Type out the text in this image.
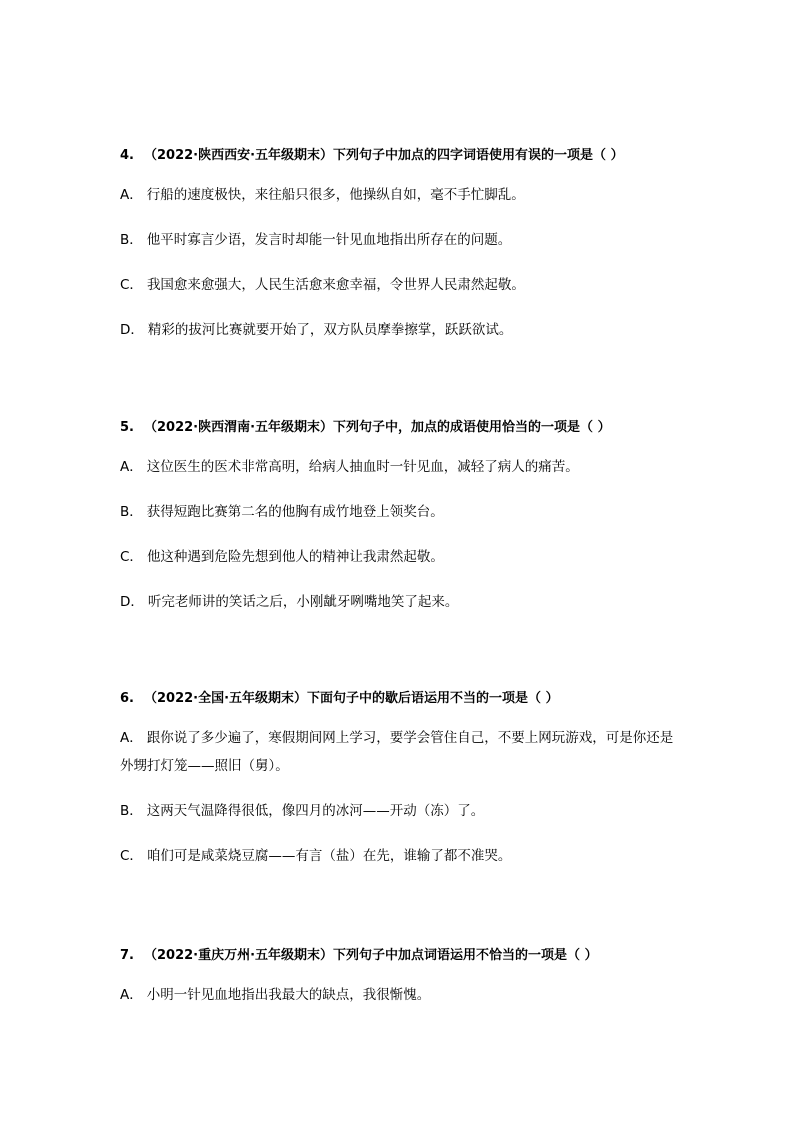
4. （2022·陕西西安·五年级期末）下列句子中加点的四字词语使用有误的一项是（ ）

A． 行船的速度极快，来往船只很多，他操纵自如，毫不手忙脚乱。
B． 他平时寡言少语，发言时却能一针见血地指出所存在的问题。
C． 我国愈来愈强大，人民生活愈来愈幸福，令世界人民肃然起敬。
D． 精彩的拔河比赛就要开始了，双方队员摩拳擦掌，跃跃欲试。

5. （2022·陕西渭南·五年级期末）下列句子中，加点的成语使用恰当的一项是（ ）

A． 这位医生的医术非常高明，给病人抽血时一针见血，减轻了病人的痛苦。
B． 获得短跑比赛第二名的他胸有成竹地登上领奖台。
C． 他这种遇到危险先想到他人的精神让我肃然起敬。
D． 听完老师讲的笑话之后，小刚龇牙咧嘴地笑了起来。

6. （2022·全国·五年级期末）下面句子中的歇后语运用不当的一项是（ ）

A． 跟你说了多少遍了，寒假期间网上学习，要学会管住自己，不要上网玩游戏，可是你还是外甥打灯笼——照旧（舅）。
B． 这两天气温降得很低，像四月的冰河——开动（冻）了。
C． 咱们可是咸菜烧豆腐——有言（盐）在先，谁输了都不准哭。

7. （2022·重庆万州·五年级期末）下列句子中加点词语运用不恰当的一项是（ ）

A． 小明一针见血地指出我最大的缺点，我很惭愧。
